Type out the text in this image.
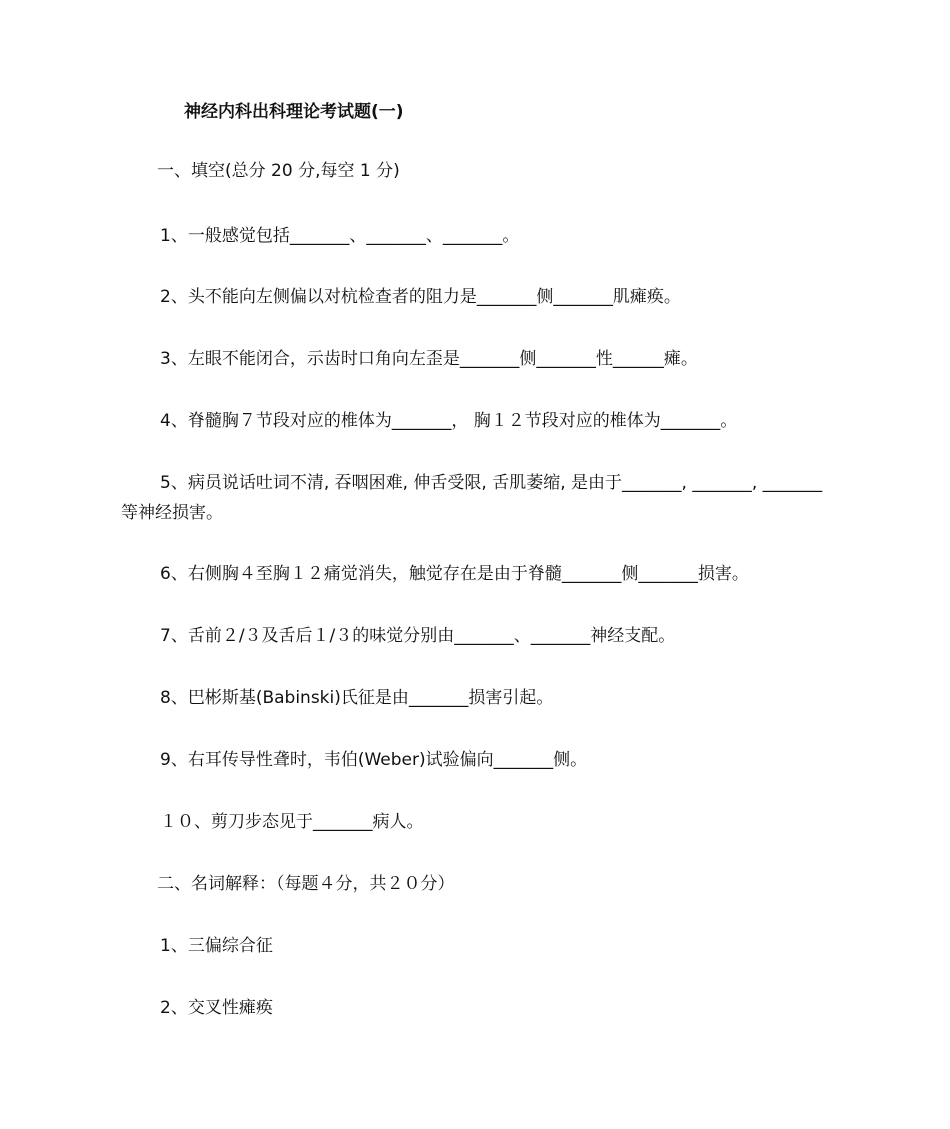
神经内科出科理论考试题(一)
一、填空(总分 20 分,每空 1 分)
1、一般感觉包括_______、_______、_______。
2、头不能向左侧偏以对杭检查者的阻力是_______侧_______肌瘫痪。
3、左眼不能闭合，示齿时口角向左歪是_______侧_______性______瘫。
4、脊髓胸７节段对应的椎体为_______， 胸１２节段对应的椎体为_______。
5、病员说话吐词不清, 吞咽困难, 伸舌受限, 舌肌萎缩, 是由于_______, _______, _______等神经损害。
6、右侧胸４至胸１２痛觉消失，触觉存在是由于脊髓_______侧_______损害。
7、舌前２/３及舌后１/３的味觉分别由_______、_______神经支配。
8、巴彬斯基(Babinski)氏征是由_______损害引起。
9、右耳传导性聋时，韦伯(Weber)试验偏向_______侧。
１０、剪刀步态见于_______病人。
二、名词解释：（每题４分，共２０分）
1、三偏综合征
2、交叉性瘫痪
